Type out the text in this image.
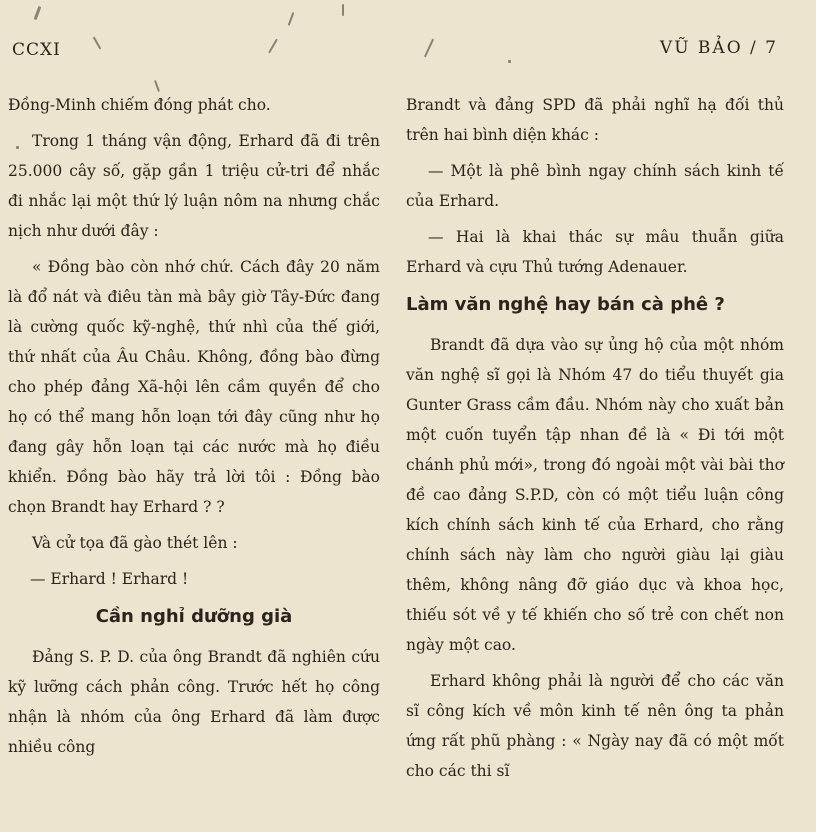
CCXI	VŨ BẢO / 7

Đồng-Minh chiếm đóng phát cho.

Trong 1 tháng vận động, Erhard đã đi trên 25.000 cây số, gặp gần 1 triệu cử-tri để nhắc đi nhắc lại một thứ lý luận nôm na nhưng chắc nịch như dưới đây :

« Đồng bào còn nhớ chứ. Cách đây 20 năm là đổ nát và điêu tàn mà bây giờ Tây-Đức đang là cường quốc kỹ-nghệ, thứ nhì của thế giới, thứ nhất của Âu Châu. Không, đồng bào đừng cho phép đảng Xã-hội lên cầm quyền để cho họ có thể mang hỗn loạn tới đây cũng như họ đang gây hỗn loạn tại các nước mà họ điều khiển. Đồng bào hãy trả lời tôi : Đồng bào chọn Brandt hay Erhard ? ?

Và cử tọa đã gào thét lên :

— Erhard ! Erhard !

Cần nghỉ dưỡng già

Đảng S. P. D. của ông Brandt đã nghiên cứu kỹ lưỡng cách phản công. Trước hết họ công nhận là nhóm của ông Erhard đã làm được nhiều công

Brandt và đảng SPD đã phải nghĩ hạ đối thủ trên hai bình diện khác :

— Một là phê bình ngay chính sách kinh tế của Erhard.

— Hai là khai thác sự mâu thuẫn giữa Erhard và cựu Thủ tướng Adenauer.

Làm văn nghệ hay bán cà phê ?

Brandt đã dựa vào sự ủng hộ của một nhóm văn nghệ sĩ gọi là Nhóm 47 do tiểu thuyết gia Gunter Grass cầm đầu. Nhóm này cho xuất bản một cuốn tuyển tập nhan đề là « Đi tới một chánh phủ mới», trong đó ngoài một vài bài thơ đề cao đảng S.P.D, còn có một tiểu luận công kích chính sách kinh tế của Erhard, cho rằng chính sách này làm cho người giàu lại giàu thêm, không nâng đỡ giáo dục và khoa học, thiếu sót về y tế khiến cho số trẻ con chết non ngày một cao.

Erhard không phải là người để cho các văn sĩ công kích về môn kinh tế nên ông ta phản ứng rất phũ phàng : « Ngày nay đã có một mốt cho các thi sĩ
